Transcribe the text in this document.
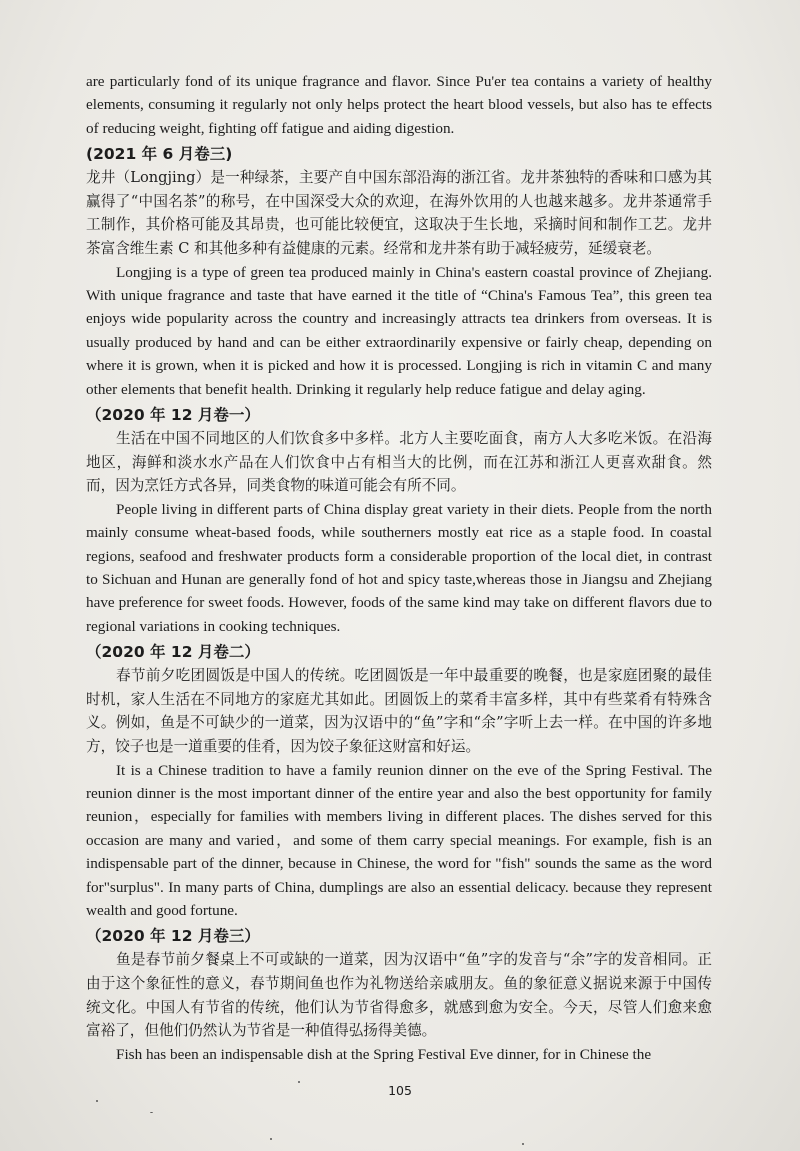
are particularly fond of its unique fragrance and flavor. Since Pu'er tea contains a variety of healthy elements, consuming it regularly not only helps protect the heart blood vessels, but also has te effects of reducing weight, fighting off fatigue and aiding digestion.

(2021 年 6 月卷三)

龙井（Longjing）是一种绿茶，主要产自中国东部沿海的浙江省。龙井茶独特的香味和口感为其赢得了“中国名茶”的称号，在中国深受大众的欢迎，在海外饮用的人也越来越多。龙井茶通常手工制作，其价格可能及其昂贵，也可能比较便宜，这取决于生长地，采摘时间和制作工艺。龙井茶富含维生素 C 和其他多种有益健康的元素。经常和龙井茶有助于减轻疲劳，延缓衰老。

Longjing is a type of green tea produced mainly in China's eastern coastal province of Zhejiang. With unique fragrance and taste that have earned it the title of “China's Famous Tea”, this green tea enjoys wide popularity across the country and increasingly attracts tea drinkers from overseas. It is usually produced by hand and can be either extraordinarily expensive or fairly cheap, depending on where it is grown, when it is picked and how it is processed. Longjing is rich in vitamin C and many other elements that benefit health. Drinking it regularly help reduce fatigue and delay aging.

（2020 年 12 月卷一）

生活在中国不同地区的人们饮食多中多样。北方人主要吃面食，南方人大多吃米饭。在沿海地区，海鲜和淡水水产品在人们饮食中占有相当大的比例，而在江苏和浙江人更喜欢甜食。然而，因为烹饪方式各异，同类食物的味道可能会有所不同。

People living in different parts of China display great variety in their diets. People from the north mainly consume wheat-based foods, while southerners mostly eat rice as a staple food. In coastal regions, seafood and freshwater products form a considerable proportion of the local diet, in contrast to Sichuan and Hunan are generally fond of hot and spicy taste,whereas those in Jiangsu and Zhejiang have preference for sweet foods. However, foods of the same kind may take on different flavors due to regional variations in cooking techniques.

（2020 年 12 月卷二）

春节前夕吃团圆饭是中国人的传统。吃团圆饭是一年中最重要的晚餐，也是家庭团聚的最佳时机，家人生活在不同地方的家庭尤其如此。团圆饭上的菜肴丰富多样，其中有些菜肴有特殊含义。例如，鱼是不可缺少的一道菜，因为汉语中的“鱼”字和“余”字听上去一样。在中国的许多地方，饺子也是一道重要的佳肴，因为饺子象征这财富和好运。

It is a Chinese tradition to have a family reunion dinner on the eve of the Spring Festival. The reunion dinner is the most important dinner of the entire year and also the best opportunity for family reunion，especially for families with members living in different places. The dishes served for this occasion are many and varied，and some of them carry special meanings. For example, fish is an indispensable part of the dinner, because in Chinese, the word for "fish" sounds the same as the word for"surplus". In many parts of China, dumplings are also an essential delicacy. because they represent wealth and good fortune.

（2020 年 12 月卷三）

鱼是春节前夕餐桌上不可或缺的一道菜，因为汉语中“鱼”字的发音与“余”字的发音相同。正由于这个象征性的意义，春节期间鱼也作为礼物送给亲戚朋友。鱼的象征意义据说来源于中国传统文化。中国人有节省的传统，他们认为节省得愈多，就感到愈为安全。今天，尽管人们愈来愈富裕了，但他们仍然认为节省是一种值得弘扬得美德。

Fish has been an indispensable dish at the Spring Festival Eve dinner, for in Chinese the

105
